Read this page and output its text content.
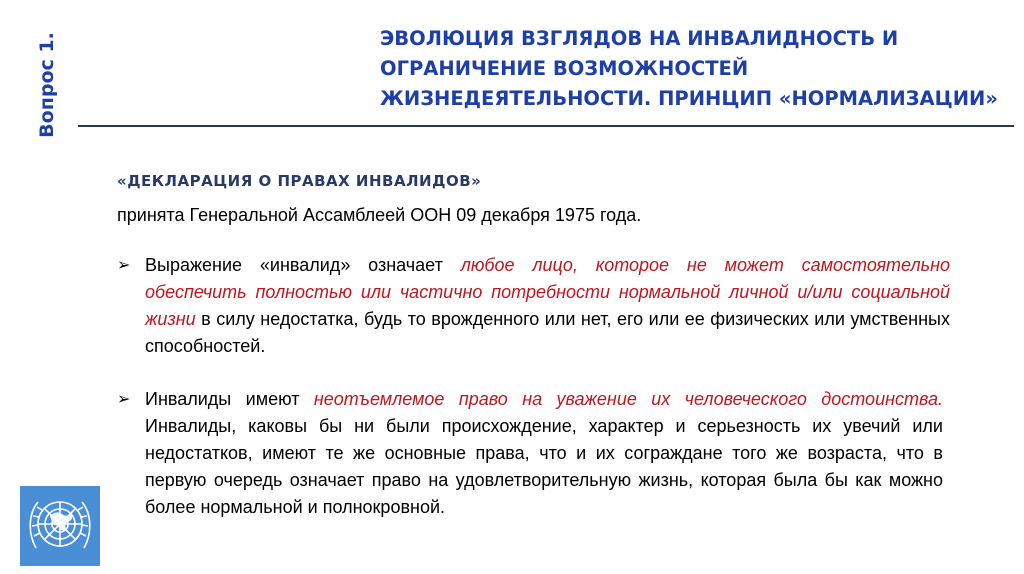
Вопрос 1.	ЭВОЛЮЦИЯ ВЗГЛЯДОВ НА ИНВАЛИДНОСТЬ И ОГРАНИЧЕНИЕ ВОЗМОЖНОСТЕЙ ЖИЗНЕДЕЯТЕЛЬНОСТИ. ПРИНЦИП «НОРМАЛИЗАЦИИ»
«ДЕКЛАРАЦИЯ О ПРАВАХ ИНВАЛИДОВ»
принята Генеральной Ассамблеей ООН 09 декабря 1975 года.
➢ Выражение «инвалид» означает любое лицо, которое не может самостоятельно обеспечить полностью или частично потребности нормальной личной и/или социальной жизни в силу недостатка, будь то врожденного или нет, его или ее физических или умственных способностей.
➢ Инвалиды имеют неотъемлемое право на уважение их человеческого достоинства. Инвалиды, каковы бы ни были происхождение, характер и серьезность их увечий или недостатков, имеют те же основные права, что и их сограждане того же возраста, что в первую очередь означает право на удовлетворительную жизнь, которая была бы как можно более нормальной и полнокровной.
